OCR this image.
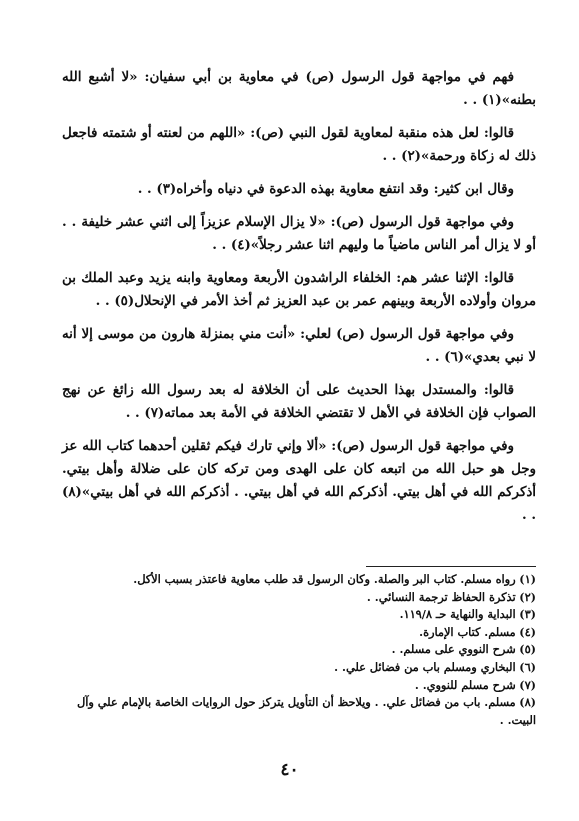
فهم في مواجهة قول الرسول (ص) في معاوية بن أبي سفيان: «لا أشبع الله بطنه»(١) . .

قالوا: لعل هذه منقبة لمعاوية لقول النبي (ص): «اللهم من لعنته أو شتمته فاجعل ذلك له زكاة ورحمة»(٢) . .

وقال ابن كثير: وقد انتفع معاوية بهذه الدعوة في دنياه وأخراه(٣) . .

وفي مواجهة قول الرسول (ص): «لا يزال الإسلام عزيزاً إلى اثني عشر خليفة . . أو لا يزال أمر الناس ماضياً ما وليهم اثنا عشر رجلاً»(٤) . .

قالوا: الإثنا عشر هم: الخلفاء الراشدون الأربعة ومعاوية وابنه يزيد وعبد الملك بن مروان وأولاده الأربعة وبينهم عمر بن عبد العزيز ثم أخذ الأمر في الإنحلال(٥) . .

وفي مواجهة قول الرسول (ص) لعلي: «أنت مني بمنزلة هارون من موسى إلا أنه لا نبي بعدي»(٦) . .

قالوا: والمستدل بهذا الحديث على أن الخلافة له بعد رسول الله زائغ عن نهج الصواب فإن الخلافة في الأهل لا تقتضي الخلافة في الأمة بعد مماته(٧) . .

وفي مواجهة قول الرسول (ص): «ألا وإني تارك فيكم ثقلين أحدهما كتاب الله عز وجل هو حبل الله من اتبعه كان على الهدى ومن تركه كان على ضلالة وأهل بيتي. أذكركم الله في أهل بيتي. أذكركم الله في أهل بيتي. . أذكركم الله في أهل بيتي»(٨) . .

(١) رواه مسلم. كتاب البر والصلة. وكان الرسول قد طلب معاوية فاعتذر بسبب الأكل.

(٢) تذكرة الحفاظ ترجمة النسائي. .

(٣) البداية والنهاية حـ ١١٩/٨.

(٤) مسلم. كتاب الإمارة.

(٥) شرح النووي على مسلم. .

(٦) البخاري ومسلم باب من فضائل علي. .

(٧) شرح مسلم للنووي. .

(٨) مسلم. باب من فضائل علي. . ويلاحظ أن التأويل يتركز حول الروايات الخاصة بالإمام علي وآل البيت. .

٤٠
